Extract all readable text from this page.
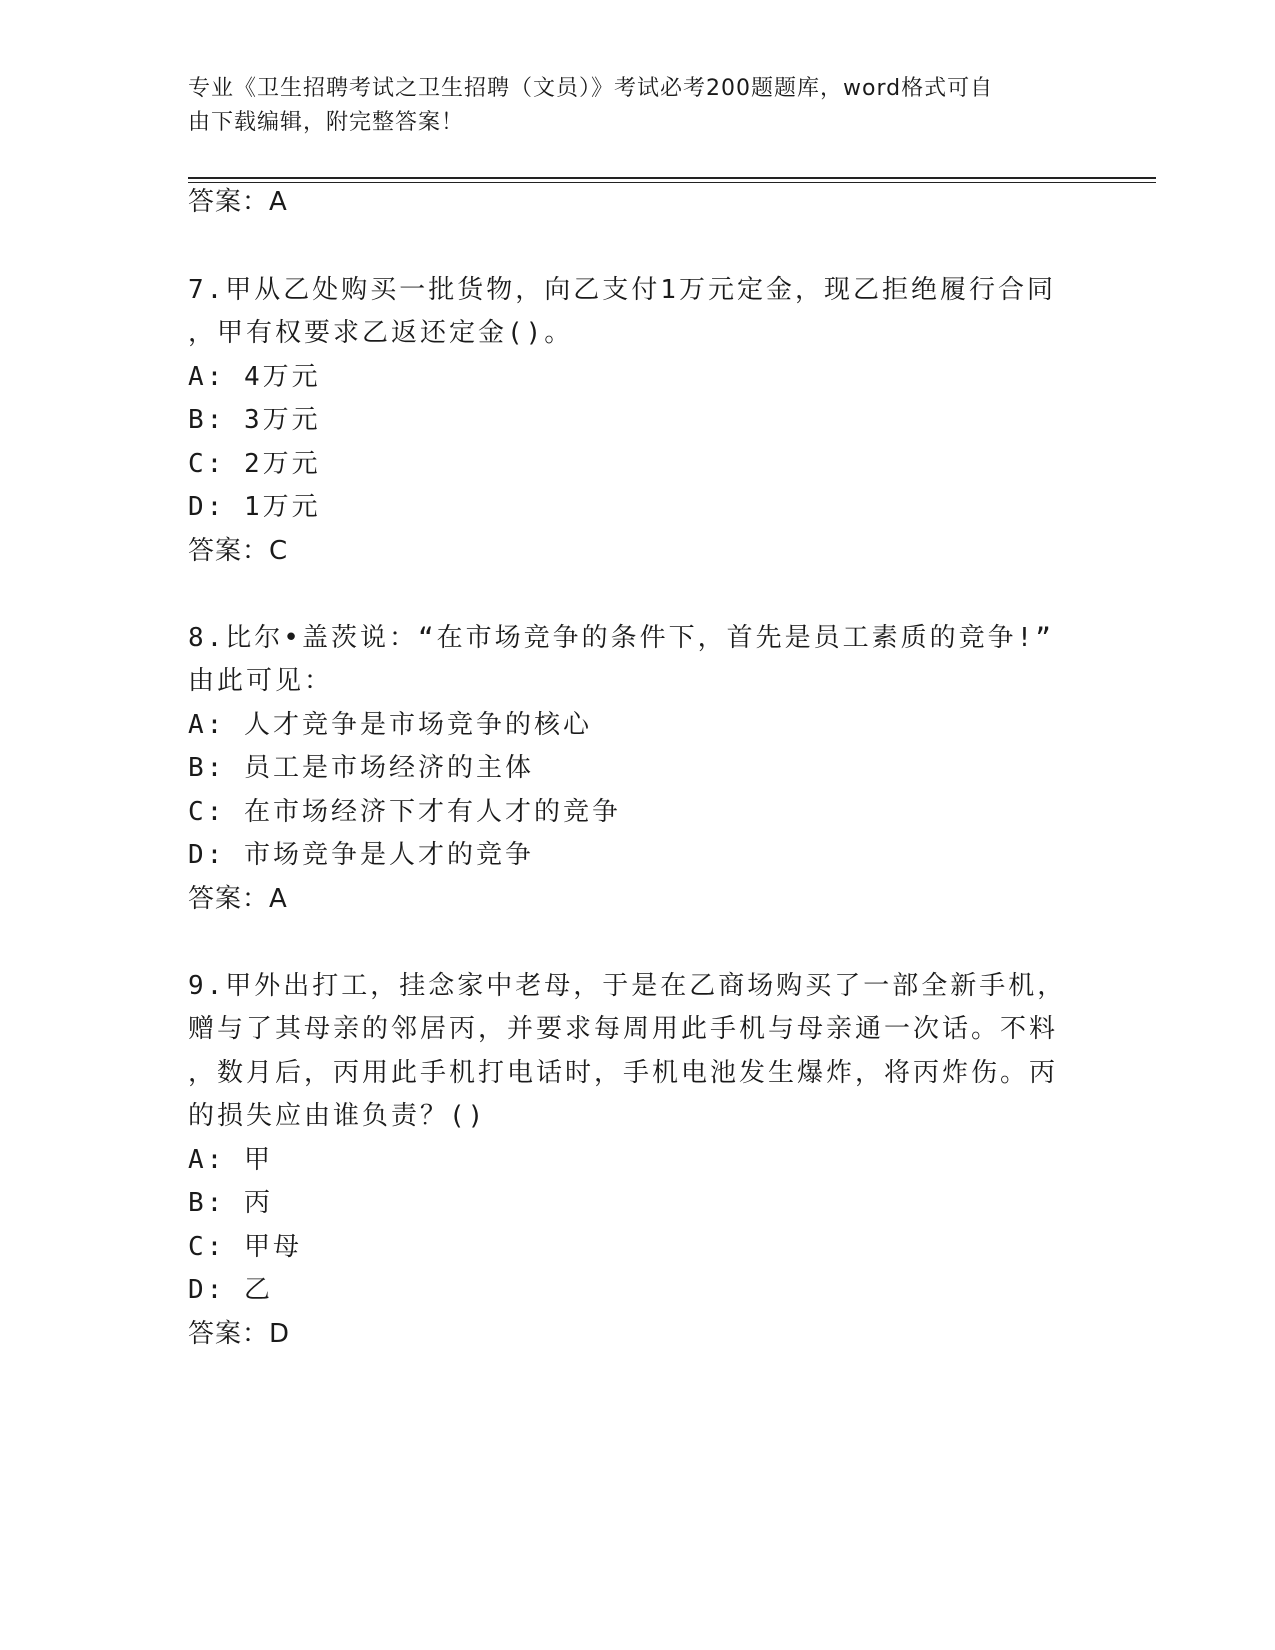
专业《卫生招聘考试之卫生招聘（文员）》考试必考200题题库，word格式可自
由下载编辑，附完整答案！
答案：A
7.甲从乙处购买一批货物，向乙支付1万元定金，现乙拒绝履行合同
，甲有权要求乙返还定金()。
A: 4万元
B: 3万元
C: 2万元
D: 1万元
答案：C
8.比尔•盖茨说：“在市场竞争的条件下，首先是员工素质的竞争!”
由此可见：
A: 人才竞争是市场竞争的核心
B: 员工是市场经济的主体
C: 在市场经济下才有人才的竞争
D: 市场竞争是人才的竞争
答案：A
9.甲外出打工，挂念家中老母，于是在乙商场购买了一部全新手机，
赠与了其母亲的邻居丙，并要求每周用此手机与母亲通一次话。不料
，数月后，丙用此手机打电话时，手机电池发生爆炸，将丙炸伤。丙
的损失应由谁负责？()
A: 甲
B: 丙
C: 甲母
D: 乙
答案：D
